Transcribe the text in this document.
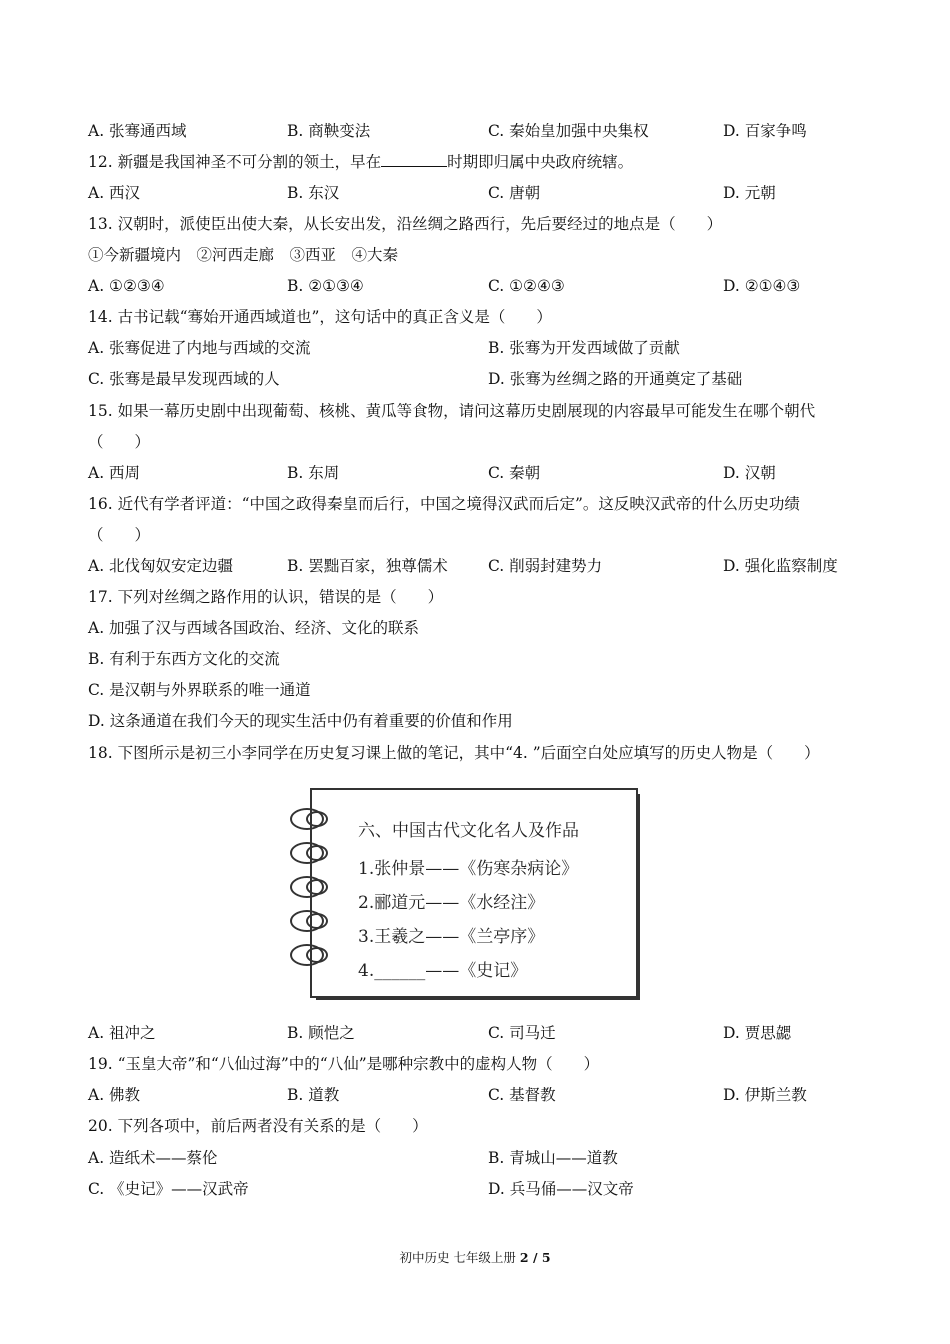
A. 张骞通西域	B. 商鞅变法	C. 秦始皇加强中央集权	D. 百家争鸣
12. 新疆是我国神圣不可分割的领土，早在	时期即归属中央政府统辖。
A. 西汉	B. 东汉	C. 唐朝	D. 元朝
13. 汉朝时，派使臣出使大秦，从长安出发，沿丝绸之路西行，先后要经过的地点是（　　）
①今新疆境内　②河西走廊　③西亚　④大秦
A. ①②③④	B. ②①③④	C. ①②④③	D. ②①④③
14. 古书记载“骞始开通西域道也”，这句话中的真正含义是（　　）
A. 张骞促进了内地与西域的交流	B. 张骞为开发西域做了贡献
C. 张骞是最早发现西域的人	D. 张骞为丝绸之路的开通奠定了基础
15. 如果一幕历史剧中出现葡萄、核桃、黄瓜等食物，请问这幕历史剧展现的内容最早可能发生在哪个朝代
（　　）
A. 西周	B. 东周	C. 秦朝	D. 汉朝
16. 近代有学者评道：“中国之政得秦皇而后行，中国之境得汉武而后定”。这反映汉武帝的什么历史功绩
（　　）
A. 北伐匈奴安定边疆	B. 罢黜百家，独尊儒术	C. 削弱封建势力	D. 强化监察制度
17. 下列对丝绸之路作用的认识，错误的是（　　）
A. 加强了汉与西域各国政治、经济、文化的联系
B. 有利于东西方文化的交流
C. 是汉朝与外界联系的唯一通道
D. 这条通道在我们今天的现实生活中仍有着重要的价值和作用
18. 下图所示是初三小李同学在历史复习课上做的笔记，其中“4. ”后面空白处应填写的历史人物是（　　）
六、中国古代文化名人及作品
1.张仲景——《伤寒杂病论》
2.郦道元——《水经注》
3.王羲之——《兰亭序》
4.______——《史记》
A. 祖冲之	B. 顾恺之	C. 司马迁	D. 贾思勰
19. “玉皇大帝”和“八仙过海”中的“八仙”是哪种宗教中的虚构人物（　　）
A. 佛教	B. 道教	C. 基督教	D. 伊斯兰教
20. 下列各项中，前后两者没有关系的是（　　）
A. 造纸术——蔡伦	B. 青城山——道教
C. 《史记》——汉武帝	D. 兵马俑——汉文帝
初中历史 七年级上册 2 / 5
